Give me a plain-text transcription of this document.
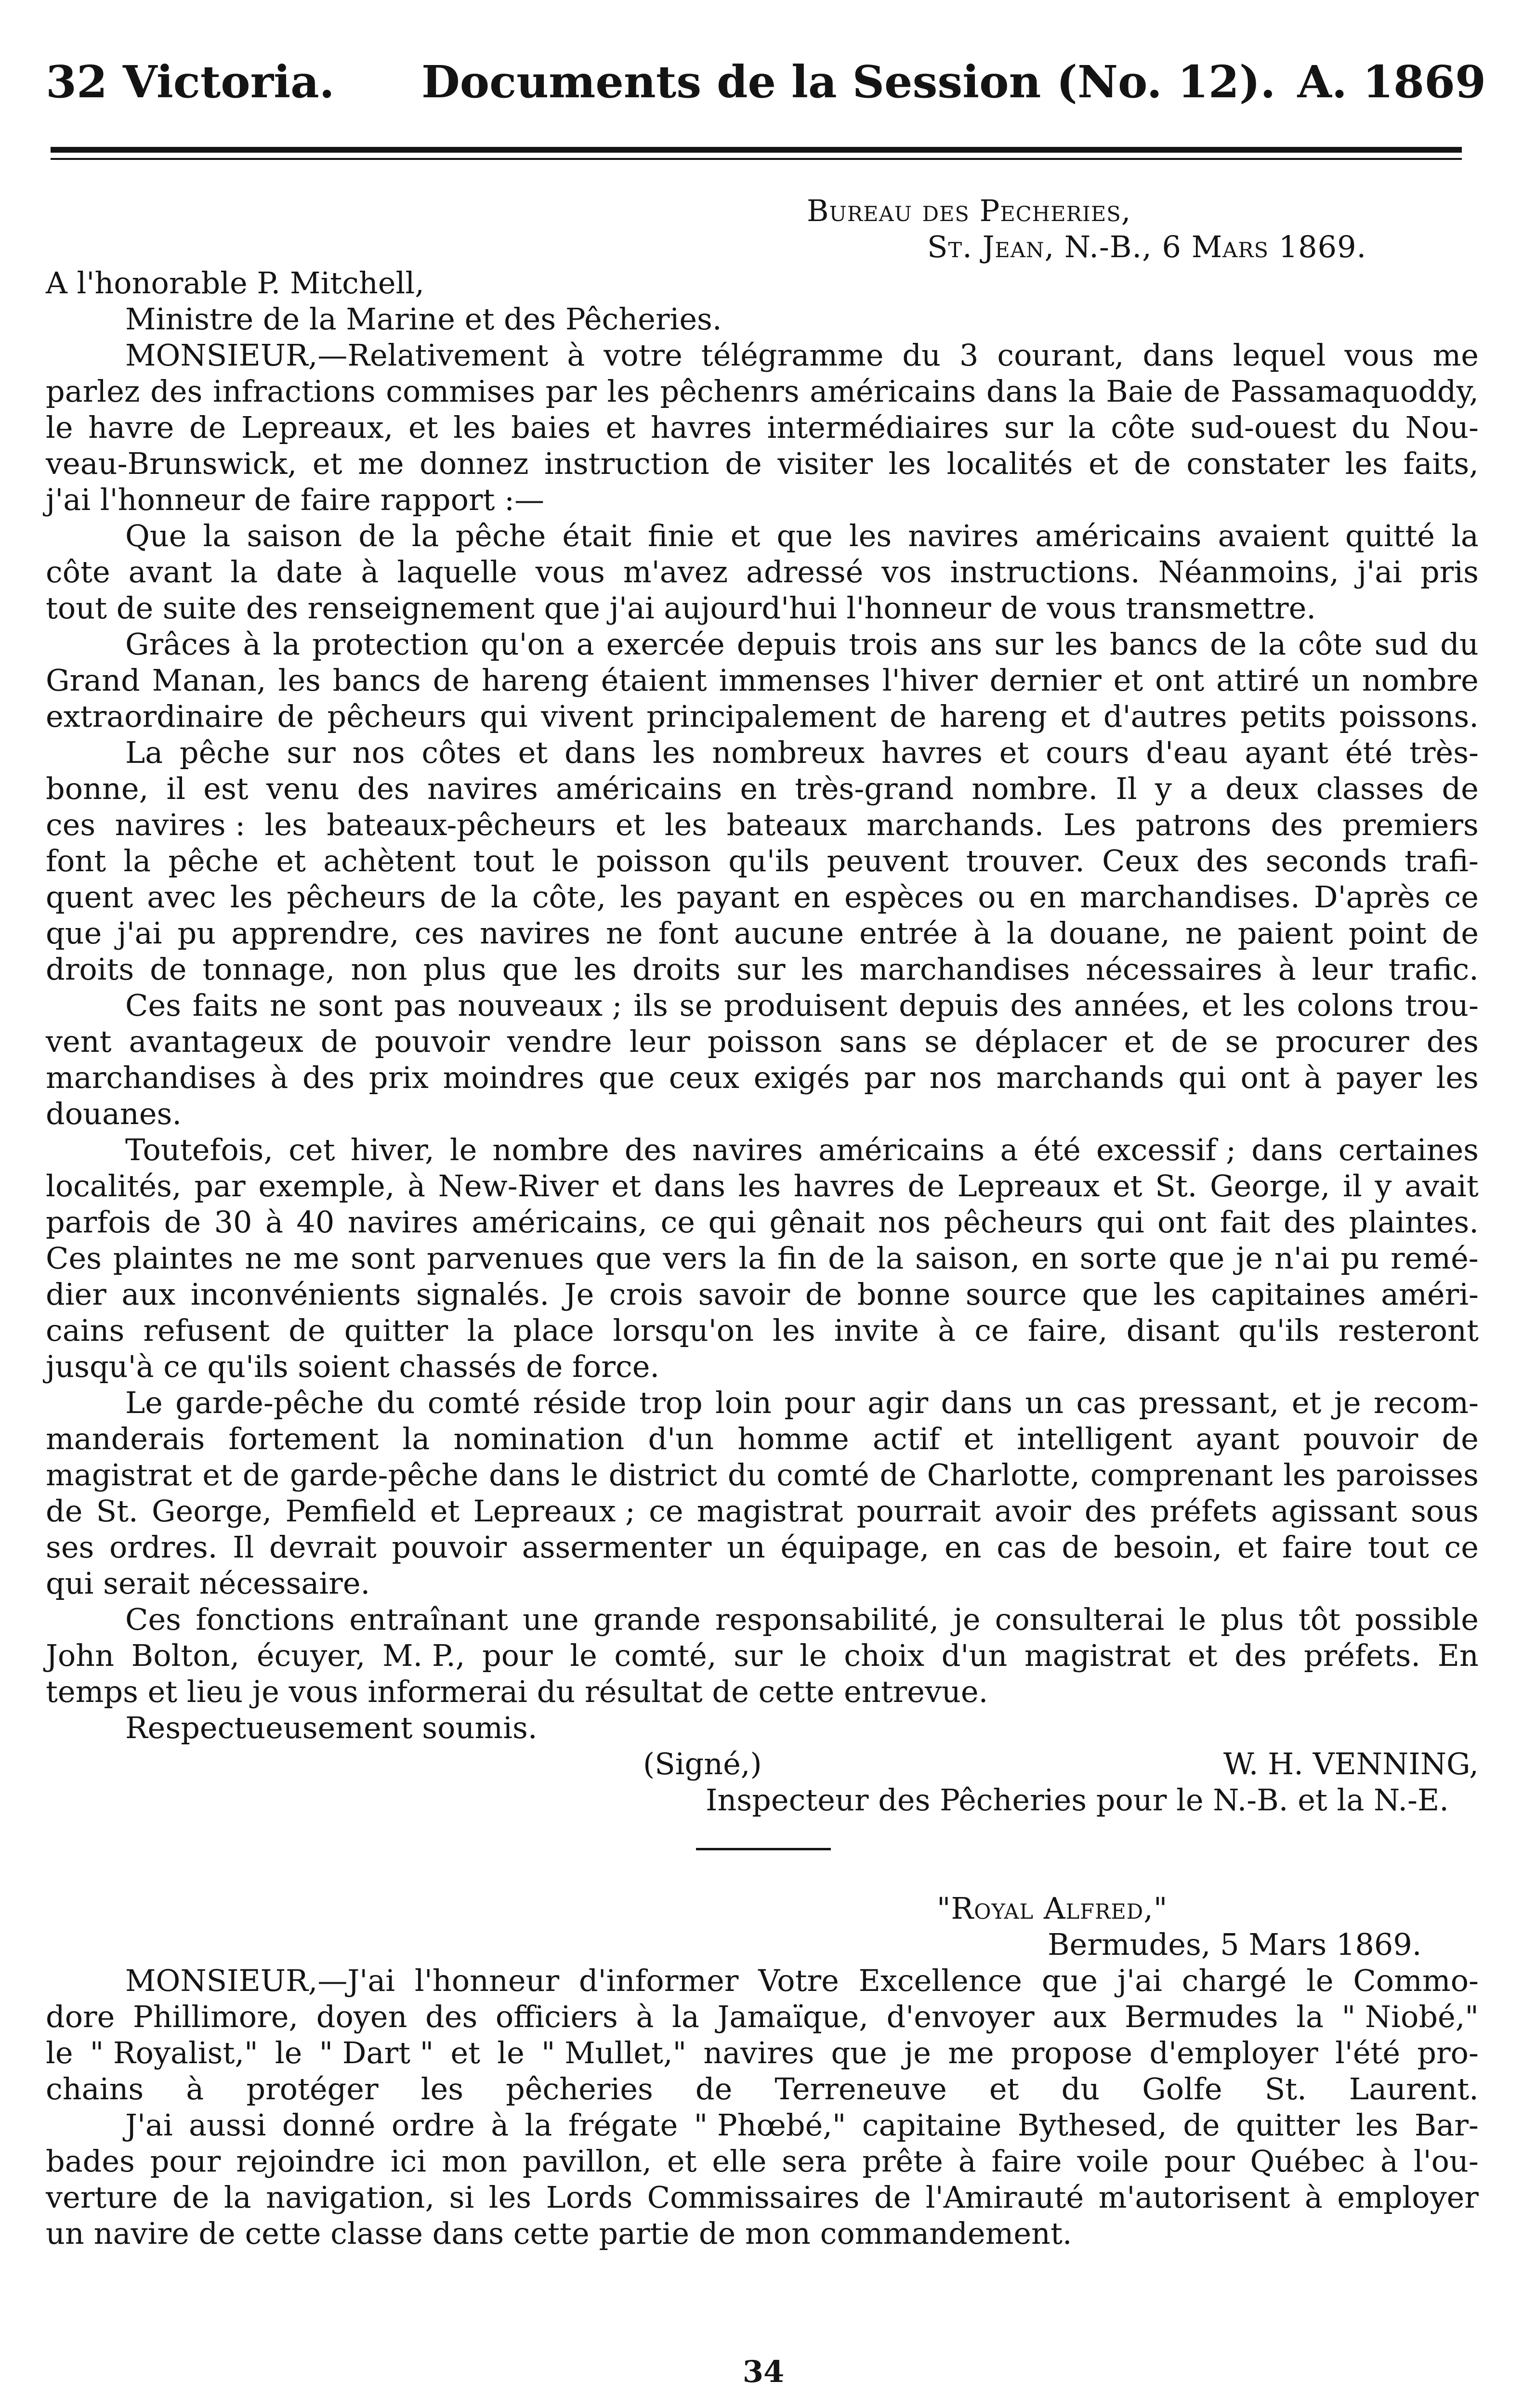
32 Victoria. Documents de la Session (No. 12). A. 1869
Bureau des Pecheries,
St. Jean, N.-B., 6 Mars 1869.
A l'honorable P. Mitchell,
Ministre de la Marine et des Pêcheries.
MONSIEUR,—Relativement à votre télégramme du 3 courant, dans lequel vous me
parlez des infractions commises par les pêchenrs américains dans la Baie de Passamaquoddy,
le havre de Lepreaux, et les baies et havres intermédiaires sur la côte sud-ouest du Nou-
veau-Brunswick, et me donnez instruction de visiter les localités et de constater les faits,
j'ai l'honneur de faire rapport :—
Que la saison de la pêche était finie et que les navires américains avaient quitté la
côte avant la date à laquelle vous m'avez adressé vos instructions. Néanmoins, j'ai pris
tout de suite des renseignement que j'ai aujourd'hui l'honneur de vous transmettre.
Grâces à la protection qu'on a exercée depuis trois ans sur les bancs de la côte sud du
Grand Manan, les bancs de hareng étaient immenses l'hiver dernier et ont attiré un nombre
extraordinaire de pêcheurs qui vivent principalement de hareng et d'autres petits poissons.
La pêche sur nos côtes et dans les nombreux havres et cours d'eau ayant été très-
bonne, il est venu des navires américains en très-grand nombre. Il y a deux classes de
ces navires : les bateaux-pêcheurs et les bateaux marchands. Les patrons des premiers
font la pêche et achètent tout le poisson qu'ils peuvent trouver. Ceux des seconds trafi-
quent avec les pêcheurs de la côte, les payant en espèces ou en marchandises. D'après ce
que j'ai pu apprendre, ces navires ne font aucune entrée à la douane, ne paient point de
droits de tonnage, non plus que les droits sur les marchandises nécessaires à leur trafic.
Ces faits ne sont pas nouveaux ; ils se produisent depuis des années, et les colons trou-
vent avantageux de pouvoir vendre leur poisson sans se déplacer et de se procurer des
marchandises à des prix moindres que ceux exigés par nos marchands qui ont à payer les
douanes.
Toutefois, cet hiver, le nombre des navires américains a été excessif ; dans certaines
localités, par exemple, à New-River et dans les havres de Lepreaux et St. George, il y avait
parfois de 30 à 40 navires américains, ce qui gênait nos pêcheurs qui ont fait des plaintes.
Ces plaintes ne me sont parvenues que vers la fin de la saison, en sorte que je n'ai pu remé-
dier aux inconvénients signalés. Je crois savoir de bonne source que les capitaines améri-
cains refusent de quitter la place lorsqu'on les invite à ce faire, disant qu'ils resteront
jusqu'à ce qu'ils soient chassés de force.
Le garde-pêche du comté réside trop loin pour agir dans un cas pressant, et je recom-
manderais fortement la nomination d'un homme actif et intelligent ayant pouvoir de
magistrat et de garde-pêche dans le district du comté de Charlotte, comprenant les paroisses
de St. George, Pemfield et Lepreaux ; ce magistrat pourrait avoir des préfets agissant sous
ses ordres. Il devrait pouvoir assermenter un équipage, en cas de besoin, et faire tout ce
qui serait nécessaire.
Ces fonctions entraînant une grande responsabilité, je consulterai le plus tôt possible
John Bolton, écuyer, M. P., pour le comté, sur le choix d'un magistrat et des préfets. En
temps et lieu je vous informerai du résultat de cette entrevue.
Respectueusement soumis.
(Signé,)	W. H. VENNING,
Inspecteur des Pêcheries pour le N.-B. et la N.-E.
"Royal Alfred,"
Bermudes, 5 Mars 1869.
MONSIEUR,—J'ai l'honneur d'informer Votre Excellence que j'ai chargé le Commo-
dore Phillimore, doyen des officiers à la Jamaïque, d'envoyer aux Bermudes la " Niobé,"
le " Royalist," le " Dart " et le " Mullet," navires que je me propose d'employer l'été pro-
chains à protéger les pêcheries de Terreneuve et du Golfe St. Laurent.
J'ai aussi donné ordre à la frégate " Phœbé," capitaine Bythesed, de quitter les Bar-
bades pour rejoindre ici mon pavillon, et elle sera prête à faire voile pour Québec à l'ou-
verture de la navigation, si les Lords Commissaires de l'Amirauté m'autorisent à employer
un navire de cette classe dans cette partie de mon commandement.
34
